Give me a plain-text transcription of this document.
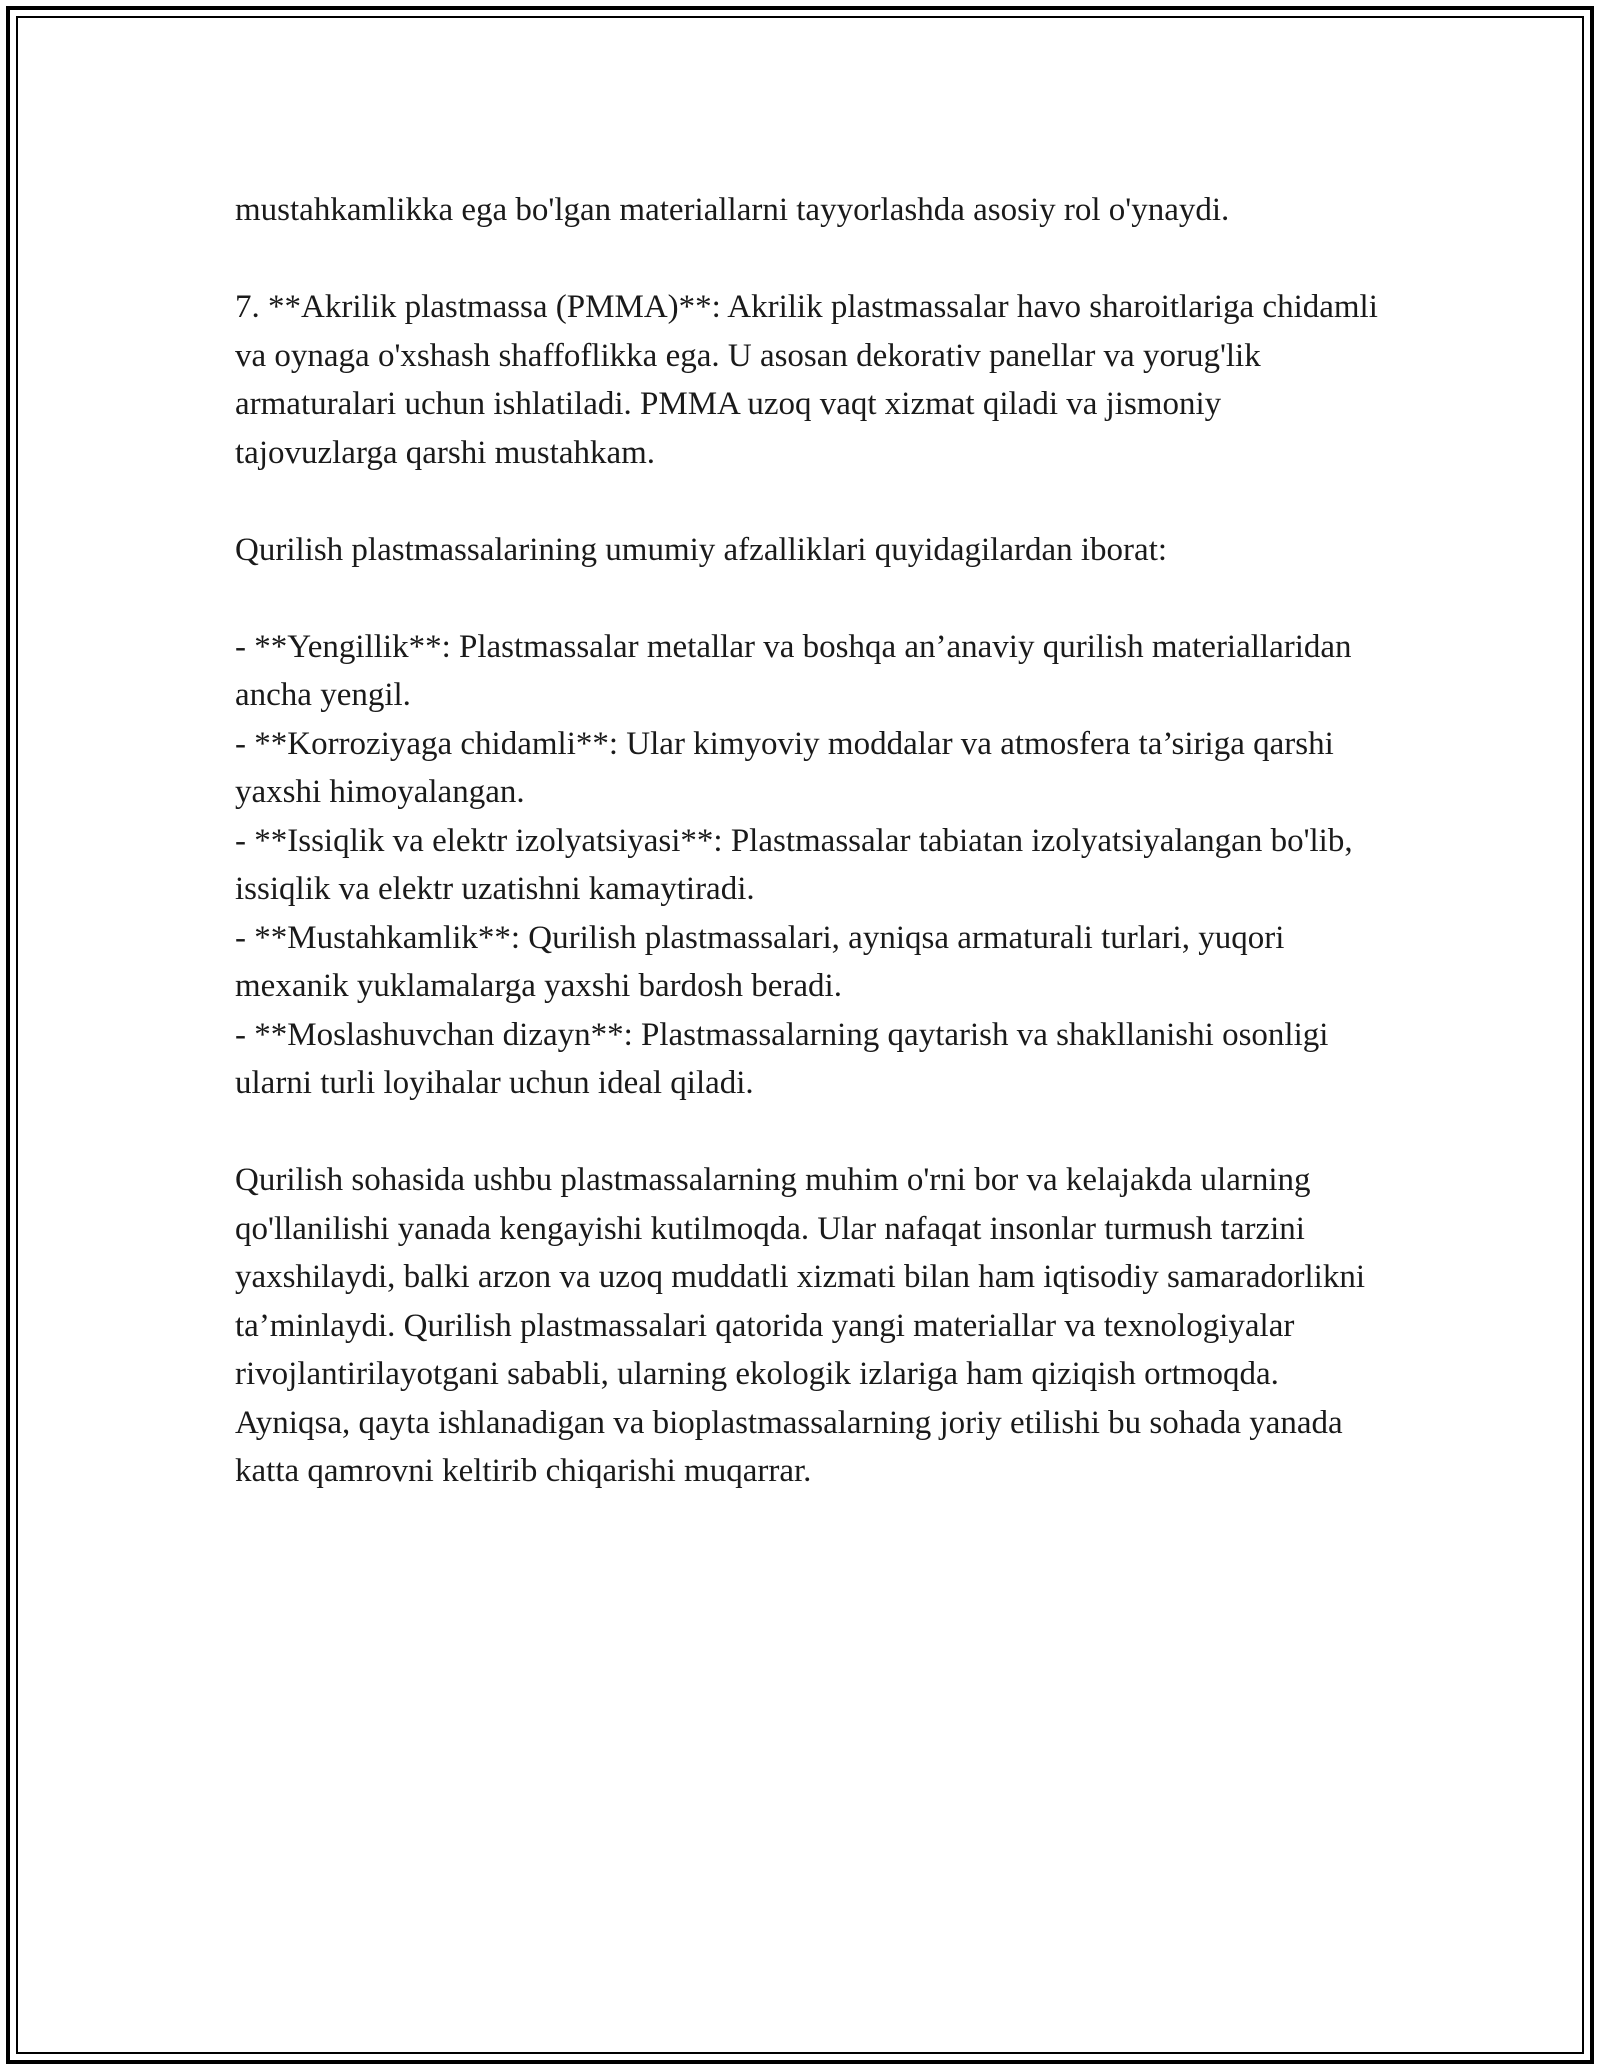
mustahkamlikka ega bo'lgan materiallarni tayyorlashda asosiy rol o'ynaydi.

7. **Akrilik plastmassa (PMMA)**: Akrilik plastmassalar havo sharoitlariga chidamli va oynaga o'xshash shaffoflikka ega. U asosan dekorativ panellar va yorug'lik armaturalari uchun ishlatiladi. PMMA uzoq vaqt xizmat qiladi va jismoniy tajovuzlarga qarshi mustahkam.

Qurilish plastmassalarining umumiy afzalliklari quyidagilardan iborat:

- **Yengillik**: Plastmassalar metallar va boshqa an’anaviy qurilish materiallaridan ancha yengil.

- **Korroziyaga chidamli**: Ular kimyoviy moddalar va atmosfera ta’siriga qarshi yaxshi himoyalangan.

- **Issiqlik va elektr izolyatsiyasi**: Plastmassalar tabiatan izolyatsiyalangan bo'lib, issiqlik va elektr uzatishni kamaytiradi.

- **Mustahkamlik**: Qurilish plastmassalari, ayniqsa armaturali turlari, yuqori mexanik yuklamalarga yaxshi bardosh beradi.

- **Moslashuvchan dizayn**: Plastmassalarning qaytarish va shakllanishi osonligi ularni turli loyihalar uchun ideal qiladi.

Qurilish sohasida ushbu plastmassalarning muhim o'rni bor va kelajakda ularning qo'llanilishi yanada kengayishi kutilmoqda. Ular nafaqat insonlar turmush tarzini yaxshilaydi, balki arzon va uzoq muddatli xizmati bilan ham iqtisodiy samaradorlikni ta’minlaydi. Qurilish plastmassalari qatorida yangi materiallar va texnologiyalar rivojlantirilayotgani sababli, ularning ekologik izlariga ham qiziqish ortmoqda. Ayniqsa, qayta ishlanadigan va bioplastmassalarning joriy etilishi bu sohada yanada katta qamrovni keltirib chiqarishi muqarrar.
